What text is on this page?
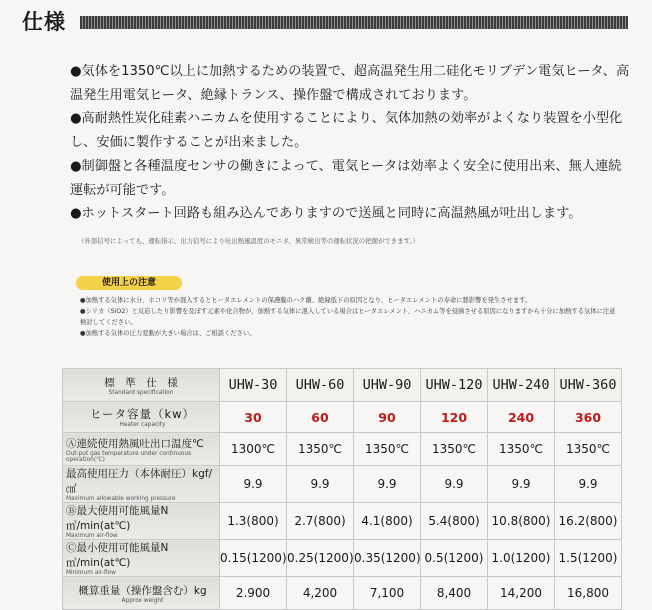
仕様

●気体を1350℃以上に加熱するための装置で、超高温発生用二硅化モリブデン電気ヒータ、高温発生用電気ヒータ、絶縁トランス、操作盤で構成されております。

●高耐熱性炭化硅素ハニカムを使用することにより、気体加熱の効率がよくなり装置を小型化し、安価に製作することが出来ました。

●制御盤と各種温度センサの働きによって、電気ヒータは効率よく安全に使用出来、無人連続運転が可能です。

●ホットスタート回路も組み込んでありますので送風と同時に高温熱風が吐出します。

（外部信号によっても、運転指示、出力信号により吐出熱風温度のモニタ、異常検出等の運転状況の把握ができます。）
使用上の注意

●加熱する気体に水分、ホコリ等が混入するとヒータエレメントの保護膜のハク離、絶縁低下の原因となり、ヒータエレメントの寿命に悪影響を発生させます。

●シリカ（SiO2）と反応したり影響を及ぼす元素や化合物が、加熱する気体に混入している場合はヒータエレメント、ハニカム等を侵蝕させる原因になりますから十分に加熱する気体に注意検討してください。

●加熱する気体の圧力変動が大きい場合は、ご相談ください。

標　準　仕　様
Standard specification	UHW-30	UHW-60	UHW-90	UHW-120	UHW-240	UHW-360

ヒータ容量（kw）
Heater capacity	30	60	90	120	240	360

Ⓐ連続使用熱風吐出口温度℃
Out-put gas temperature under continuous operation(℃)	1300℃	1350℃	1350℃	1350℃	1350℃	1350℃

最高使用圧力（本体耐圧）kgf/㎠
Maximum allowable working pressure	9.9	9.9	9.9	9.9	9.9	9.9

Ⓑ最大使用可能風量N㎥/min(at℃)
Maximum air-flow	1.3(800)	2.7(800)	4.1(800)	5.4(800)	10.8(800)	16.2(800)

Ⓒ最小使用可能風量N㎥/min(at℃)
Minimum air-flow	0.15(1200)	0.25(1200)	0.35(1200)	0.5(1200)	1.0(1200)	1.5(1200)

概算重量（操作盤含む）kg
Approx weight	2.900	4,200	7,100	8,400	14,200	16,800
